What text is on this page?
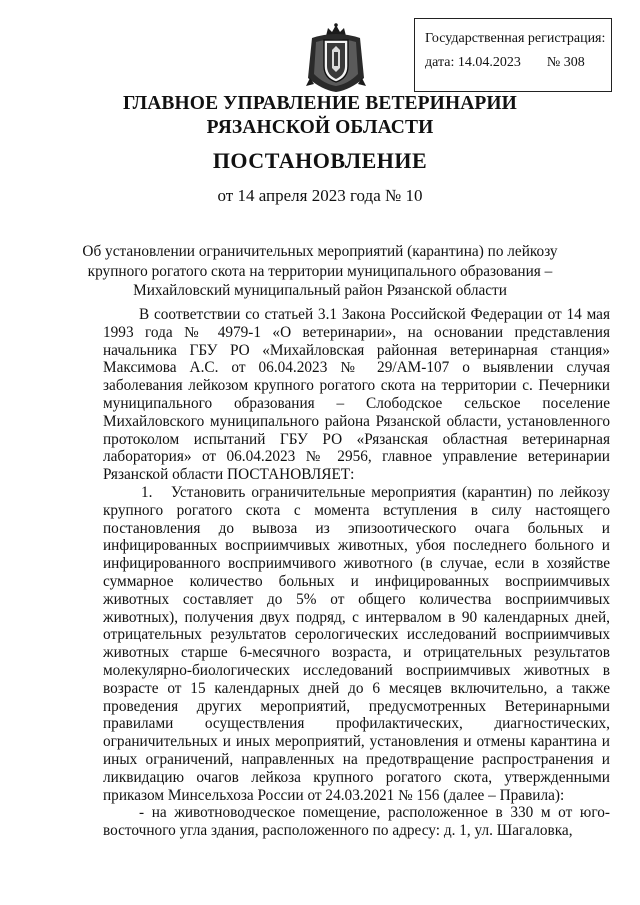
Государственная регистрация:
дата: 14.04.2023 № 308
ГЛАВНОЕ УПРАВЛЕНИЕ ВЕТЕРИНАРИИ
РЯЗАНСКОЙ ОБЛАСТИ
ПОСТАНОВЛЕНИЕ
от 14 апреля 2023 года № 10
Об установлении ограничительных мероприятий (карантина) по лейкозу крупного рогатого скота на территории муниципального образования – Михайловский муниципальный район Рязанской области

В соответствии со статьей 3.1 Закона Российской Федерации от 14 мая 1993 года № 4979-1 «О ветеринарии», на основании представления начальника ГБУ РО «Михайловская районная ветеринарная станция» Максимова А.С. от 06.04.2023 № 29/АМ-107 о выявлении случая заболевания лейкозом крупного рогатого скота на территории с. Печерники муниципального образования – Слободское сельское поселение Михайловского муниципального района Рязанской области, установленного протоколом испытаний ГБУ РО «Рязанская областная ветеринарная лаборатория» от 06.04.2023 № 2956, главное управление ветеринарии Рязанской области ПОСТАНОВЛЯЕТ:

1. Установить ограничительные мероприятия (карантин) по лейкозу крупного рогатого скота с момента вступления в силу настоящего постановления до вывоза из эпизоотического очага больных и инфицированных восприимчивых животных, убоя последнего больного и инфицированного восприимчивого животного (в случае, если в хозяйстве суммарное количество больных и инфицированных восприимчивых животных составляет до 5% от общего количества восприимчивых животных), получения двух подряд, с интервалом в 90 календарных дней, отрицательных результатов серологических исследований восприимчивых животных старше 6-месячного возраста, и отрицательных результатов молекулярно-биологических исследований восприимчивых животных в возрасте от 15 календарных дней до 6 месяцев включительно, а также проведения других мероприятий, предусмотренных Ветеринарными правилами осуществления профилактических, диагностических, ограничительных и иных мероприятий, установления и отмены карантина и иных ограничений, направленных на предотвращение распространения и ликвидацию очагов лейкоза крупного рогатого скота, утвержденными приказом Минсельхоза России от 24.03.2021 № 156 (далее – Правила):

- на животноводческое помещение, расположенное в 330 м от юго-восточного угла здания, расположенного по адресу: д. 1, ул. Шагаловка,
